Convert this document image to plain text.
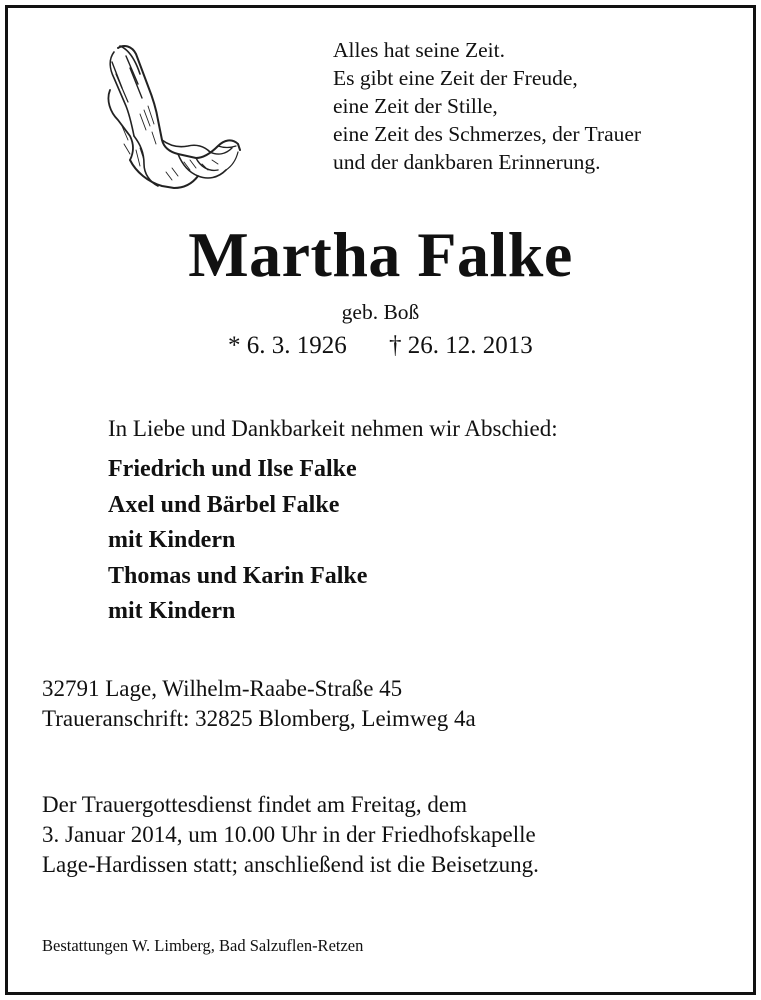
Alles hat seine Zeit.
Es gibt eine Zeit der Freude,
eine Zeit der Stille,
eine Zeit des Schmerzes, der Trauer
und der dankbaren Erinnerung.
Martha Falke
geb. Boß
* 6. 3. 1926 † 26. 12. 2013
In Liebe und Dankbarkeit nehmen wir Abschied:
Friedrich und Ilse Falke
Axel und Bärbel Falke
mit Kindern
Thomas und Karin Falke
mit Kindern
32791 Lage, Wilhelm-Raabe-Straße 45
Traueranschrift: 32825 Blomberg, Leimweg 4a
Der Trauergottesdienst findet am Freitag, dem
3. Januar 2014, um 10.00 Uhr in der Friedhofskapelle
Lage-Hardissen statt; anschließend ist die Beisetzung.
Bestattungen W. Limberg, Bad Salzuflen-Retzen
